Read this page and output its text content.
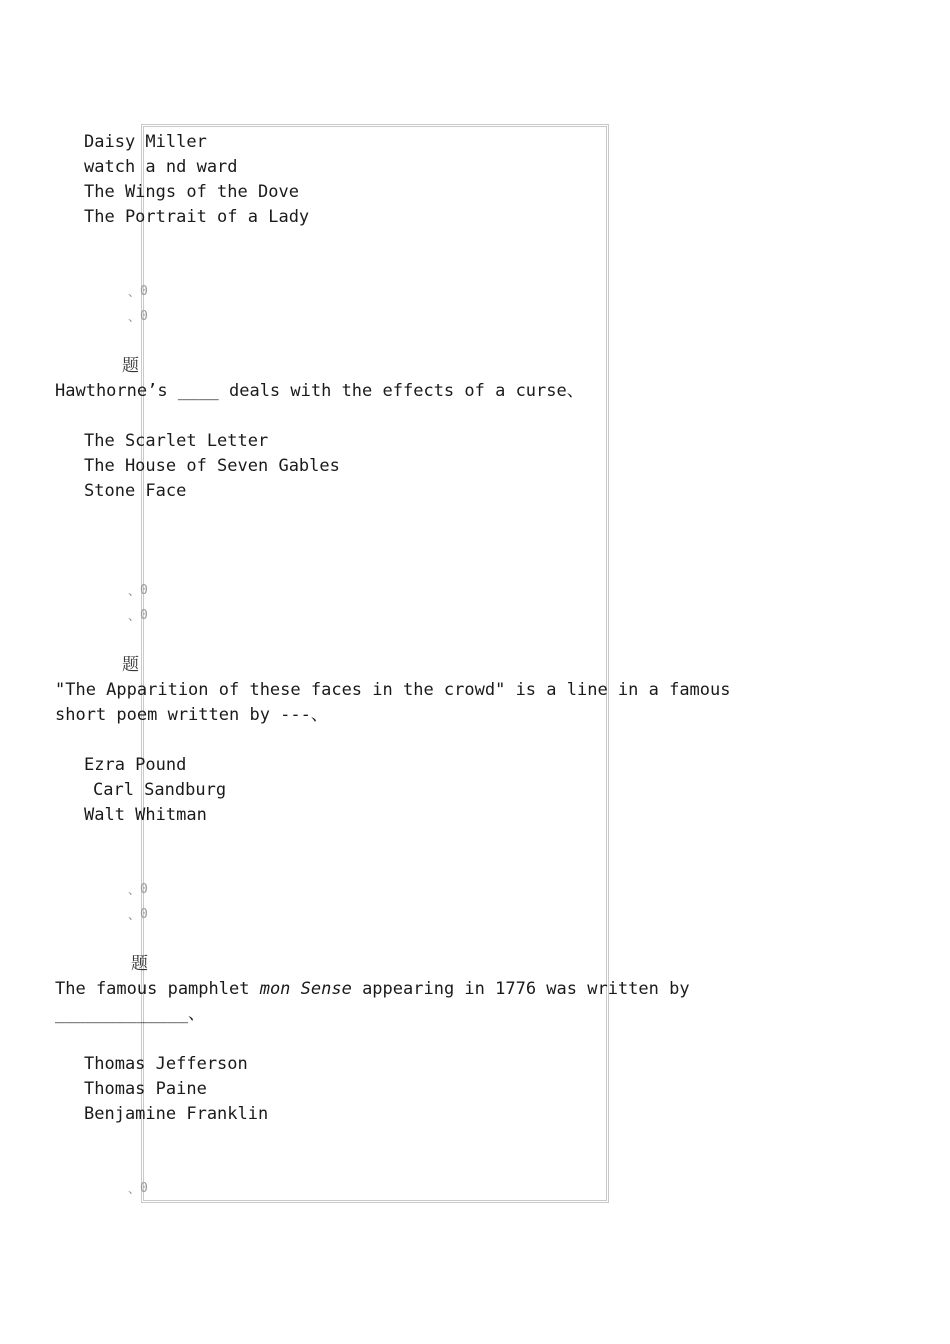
Daisy Miller
watch a nd ward
The Wings of the Dove
The Portrait of a Lady
、 0
、 0
题
Hawthorne’s ____ deals with the effects of a curse、
The Scarlet Letter
The House of Seven Gables
Stone Face
、 0
、 0
题
"The Apparition of these faces in the crowd" is a line in a famous
short poem written by ---、
Ezra Pound
Carl Sandburg
Walt Whitman
、 0
、 0
题
The famous pamphlet mon Sense appearing in 1776 was written by
_____________、
Thomas Jefferson
Thomas Paine
Benjamine Franklin
、 0
